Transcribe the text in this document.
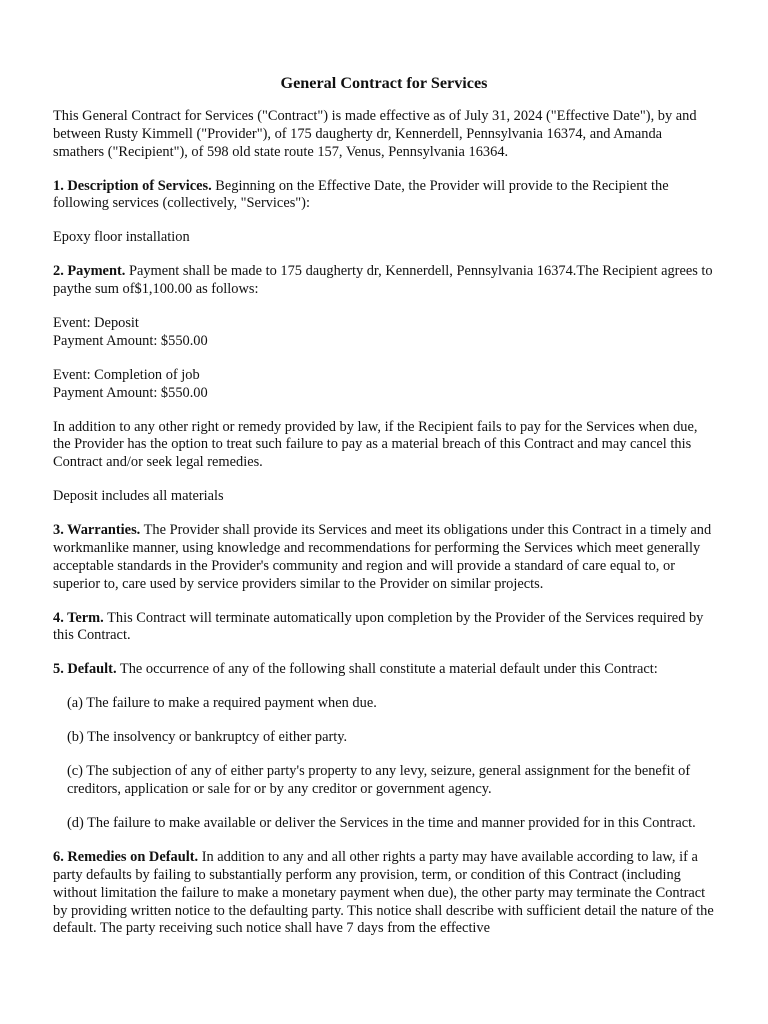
General Contract for Services

This General Contract for Services ("Contract") is made effective as of July 31, 2024 ("Effective Date"), by and between Rusty Kimmell ("Provider"), of 175 daugherty dr, Kennerdell, Pennsylvania 16374, and Amanda smathers ("Recipient"), of 598 old state route 157, Venus, Pennsylvania 16364.

1. Description of Services. Beginning on the Effective Date, the Provider will provide to the Recipient the following services (collectively, "Services"):

Epoxy floor installation

2. Payment. Payment shall be made to 175 daugherty dr, Kennerdell, Pennsylvania 16374.The Recipient agrees to paythe sum of$1,100.00 as follows:

Event: Deposit
Payment Amount: $550.00

Event: Completion of job
Payment Amount: $550.00

In addition to any other right or remedy provided by law, if the Recipient fails to pay for the Services when due, the Provider has the option to treat such failure to pay as a material breach of this Contract and may cancel this Contract and/or seek legal remedies.

Deposit includes all materials

3. Warranties. The Provider shall provide its Services and meet its obligations under this Contract in a timely and workmanlike manner, using knowledge and recommendations for performing the Services which meet generally acceptable standards in the Provider's community and region and will provide a standard of care equal to, or superior to, care used by service providers similar to the Provider on similar projects.

4. Term. This Contract will terminate automatically upon completion by the Provider of the Services required by this Contract.

5. Default. The occurrence of any of the following shall constitute a material default under this Contract:

(a) The failure to make a required payment when due.

(b) The insolvency or bankruptcy of either party.

(c) The subjection of any of either party's property to any levy, seizure, general assignment for the benefit of creditors, application or sale for or by any creditor or government agency.

(d) The failure to make available or deliver the Services in the time and manner provided for in this Contract.

6. Remedies on Default. In addition to any and all other rights a party may have available according to law, if a party defaults by failing to substantially perform any provision, term, or condition of this Contract (including without limitation the failure to make a monetary payment when due), the other party may terminate the Contract by providing written notice to the defaulting party. This notice shall describe with sufficient detail the nature of the default. The party receiving such notice shall have 7 days from the effective
